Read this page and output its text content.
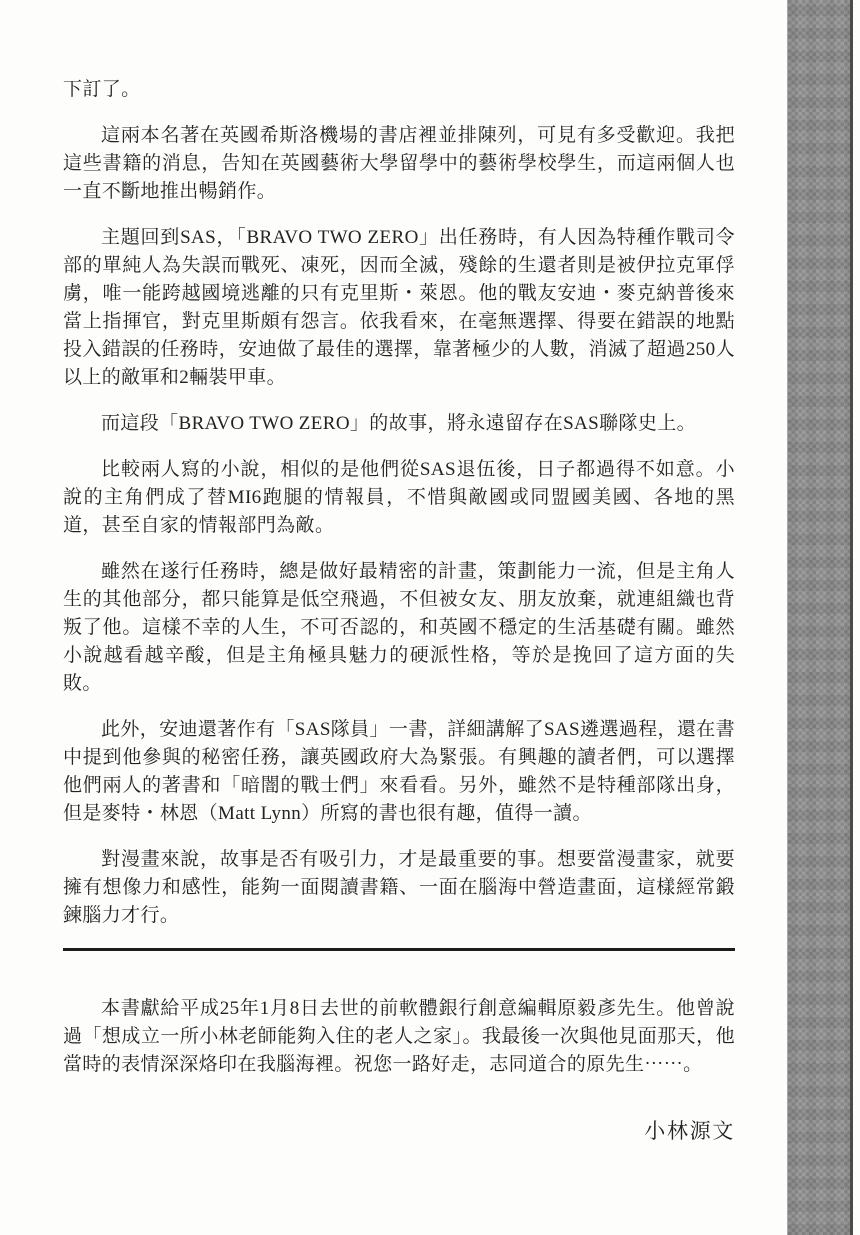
下訂了。

這兩本名著在英國希斯洛機場的書店裡並排陳列，可見有多受歡迎。我把這些書籍的消息，告知在英國藝術大學留學中的藝術學校學生，而這兩個人也一直不斷地推出暢銷作。

主題回到SAS，「BRAVO TWO ZERO」出任務時，有人因為特種作戰司令部的單純人為失誤而戰死、凍死，因而全滅，殘餘的生還者則是被伊拉克軍俘虜，唯一能跨越國境逃離的只有克里斯・萊恩。他的戰友安迪・麥克納普後來當上指揮官，對克里斯頗有怨言。依我看來，在毫無選擇、得要在錯誤的地點投入錯誤的任務時，安迪做了最佳的選擇，靠著極少的人數，消滅了超過250人以上的敵軍和2輛裝甲車。

而這段「BRAVO TWO ZERO」的故事，將永遠留存在SAS聯隊史上。

比較兩人寫的小說，相似的是他們從SAS退伍後，日子都過得不如意。小說的主角們成了替MI6跑腿的情報員，不惜與敵國或同盟國美國、各地的黑道，甚至自家的情報部門為敵。

雖然在遂行任務時，總是做好最精密的計畫，策劃能力一流，但是主角人生的其他部分，都只能算是低空飛過，不但被女友、朋友放棄，就連組織也背叛了他。這樣不幸的人生，不可否認的，和英國不穩定的生活基礎有關。雖然小說越看越辛酸，但是主角極具魅力的硬派性格，等於是挽回了這方面的失敗。

此外，安迪還著作有「SAS隊員」一書，詳細講解了SAS遴選過程，還在書中提到他參與的秘密任務，讓英國政府大為緊張。有興趣的讀者們，可以選擇他們兩人的著書和「暗闇的戰士們」來看看。另外，雖然不是特種部隊出身，但是麥特・林恩（Matt Lynn）所寫的書也很有趣，值得一讀。

對漫畫來說，故事是否有吸引力，才是最重要的事。想要當漫畫家，就要擁有想像力和感性，能夠一面閱讀書籍、一面在腦海中營造畫面，這樣經常鍛鍊腦力才行。

本書獻給平成25年1月8日去世的前軟體銀行創意編輯原毅彥先生。他曾說過「想成立一所小林老師能夠入住的老人之家」。我最後一次與他見面那天，他當時的表情深深烙印在我腦海裡。祝您一路好走，志同道合的原先生⋯⋯。

小林源文
